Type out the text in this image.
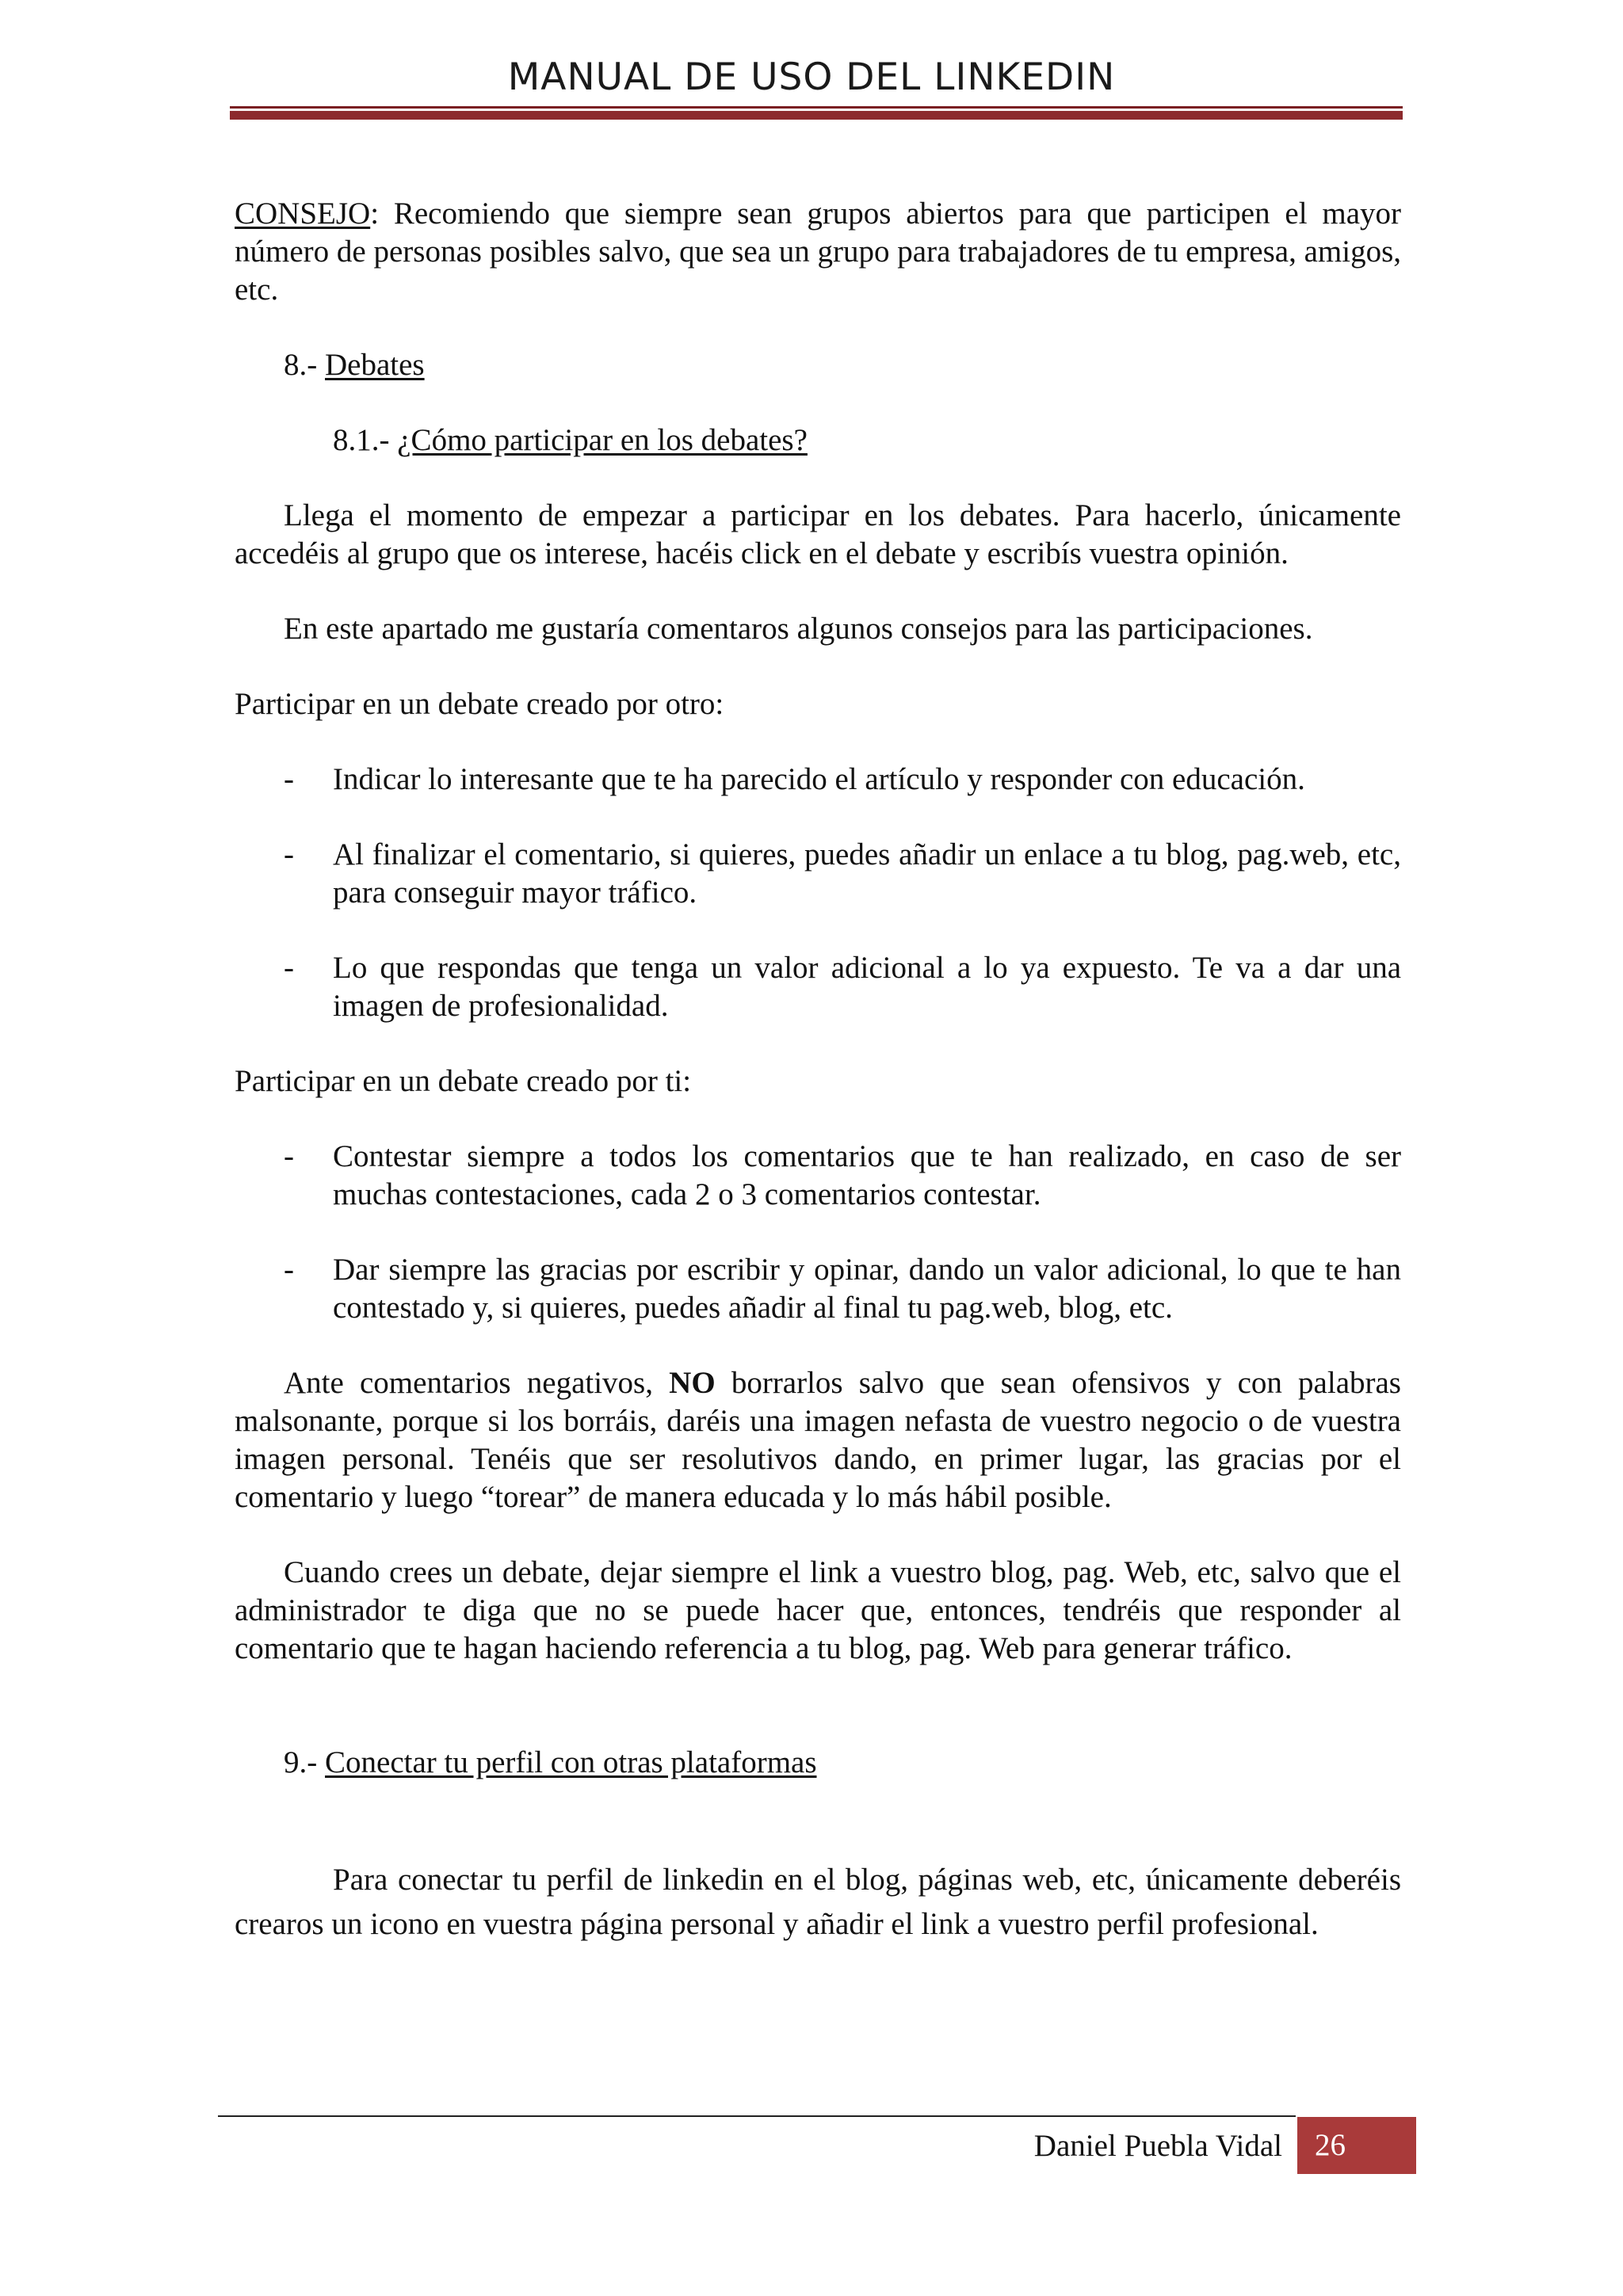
MANUAL DE USO DEL LINKEDIN

CONSEJO: Recomiendo que siempre sean grupos abiertos para que participen el mayor número de personas posibles salvo, que sea un grupo para trabajadores de tu empresa, amigos, etc.

8.- Debates

8.1.- ¿Cómo participar en los debates?

Llega el momento de empezar a participar en los debates. Para hacerlo, únicamente accedéis al grupo que os interese, hacéis click en el debate y escribís vuestra opinión.

En este apartado me gustaría comentaros algunos consejos para las participaciones.

Participar en un debate creado por otro:

-	Indicar lo interesante que te ha parecido el artículo y responder con educación.
-	Al finalizar el comentario, si quieres, puedes añadir un enlace a tu blog, pag.web, etc, para conseguir mayor tráfico.
-	Lo que respondas que tenga un valor adicional a lo ya expuesto. Te va a dar una imagen de profesionalidad.

Participar en un debate creado por ti:

-	Contestar siempre a todos los comentarios que te han realizado, en caso de ser muchas contestaciones, cada 2 o 3 comentarios contestar.
-	Dar siempre las gracias por escribir y opinar, dando un valor adicional, lo que te han contestado y, si quieres, puedes añadir al final tu pag.web, blog, etc.

Ante comentarios negativos, NO borrarlos salvo que sean ofensivos y con palabras malsonante, porque si los borráis, daréis una imagen nefasta de vuestro negocio o de vuestra imagen personal. Tenéis que ser resolutivos dando, en primer lugar, las gracias por el comentario y luego “torear” de manera educada y lo más hábil posible.

Cuando crees un debate, dejar siempre el link a vuestro blog, pag. Web, etc, salvo que el administrador te diga que no se puede hacer que, entonces, tendréis que responder al comentario que te hagan haciendo referencia a tu blog, pag. Web para generar tráfico.

9.- Conectar tu perfil con otras plataformas

Para conectar tu perfil de linkedin en el blog, páginas web, etc, únicamente deberéis crearos un icono en vuestra página personal y añadir el link a vuestro perfil profesional.

Daniel Puebla Vidal	26
